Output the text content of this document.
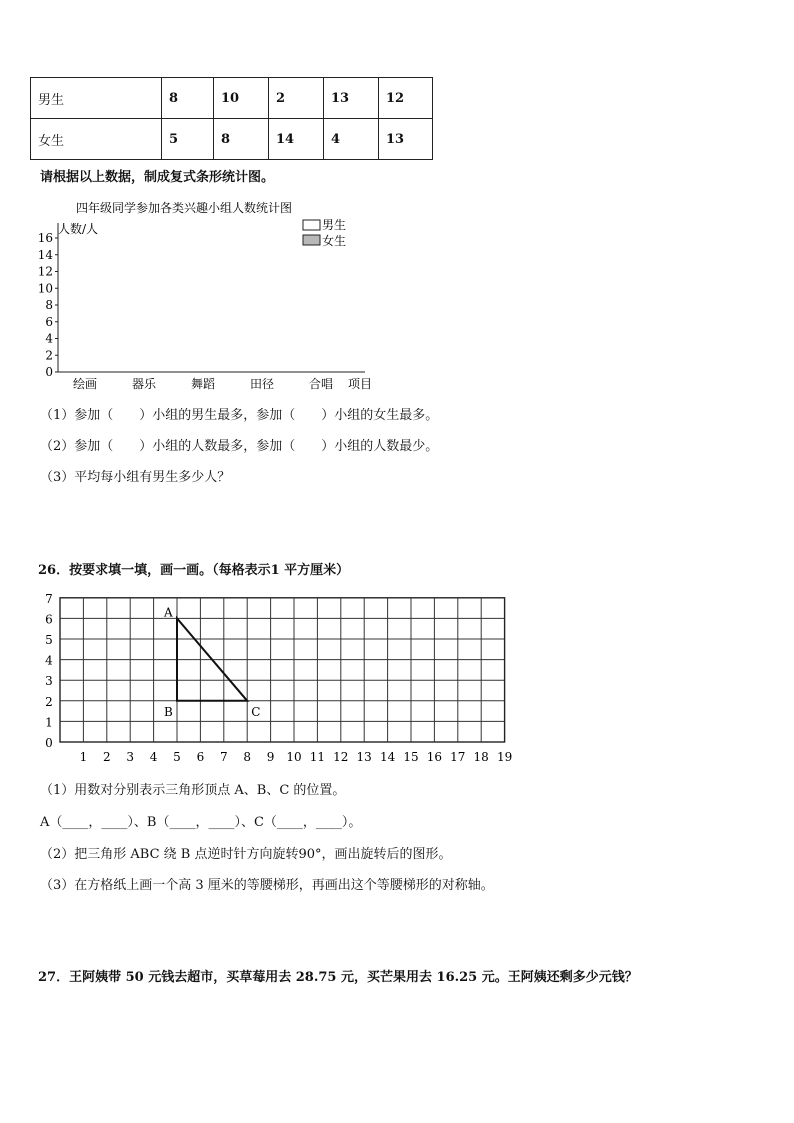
男生	8	10	2	13	12
女生	5	8	14	4	13
请根据以上数据，制成复式条形统计图。
四年级同学参加各类兴趣小组人数统计图
人数/人
0
2
4
6
8
10
12
14
16
绘画	器乐	舞蹈	田径	合唱 项目
男生
女生
（1）参加（　　）小组的男生最多，参加（　　）小组的女生最多。
（2）参加（　　）小组的人数最多，参加（　　）小组的人数最少。
（3）平均每小组有男生多少人？
26．按要求填一填，画一画。（每格表示1 平方厘米）
1 2 3 4 5 6 7 8 9 10 11 12 13 14 15 16 17 18 19
0
1
2
3
4
5
6
7
A
B	C
（1）用数对分别表示三角形顶点 A、B、C 的位置。
A（____，____）、B（____，____）、C（____，____）。
（2）把三角形 ABC 绕 B 点逆时针方向旋转90°，画出旋转后的图形。
（3）在方格纸上画一个高 3 厘米的等腰梯形，再画出这个等腰梯形的对称轴。
27．王阿姨带 50 元钱去超市，买草莓用去 28.75 元，买芒果用去 16.25 元。王阿姨还剩多少元钱？
